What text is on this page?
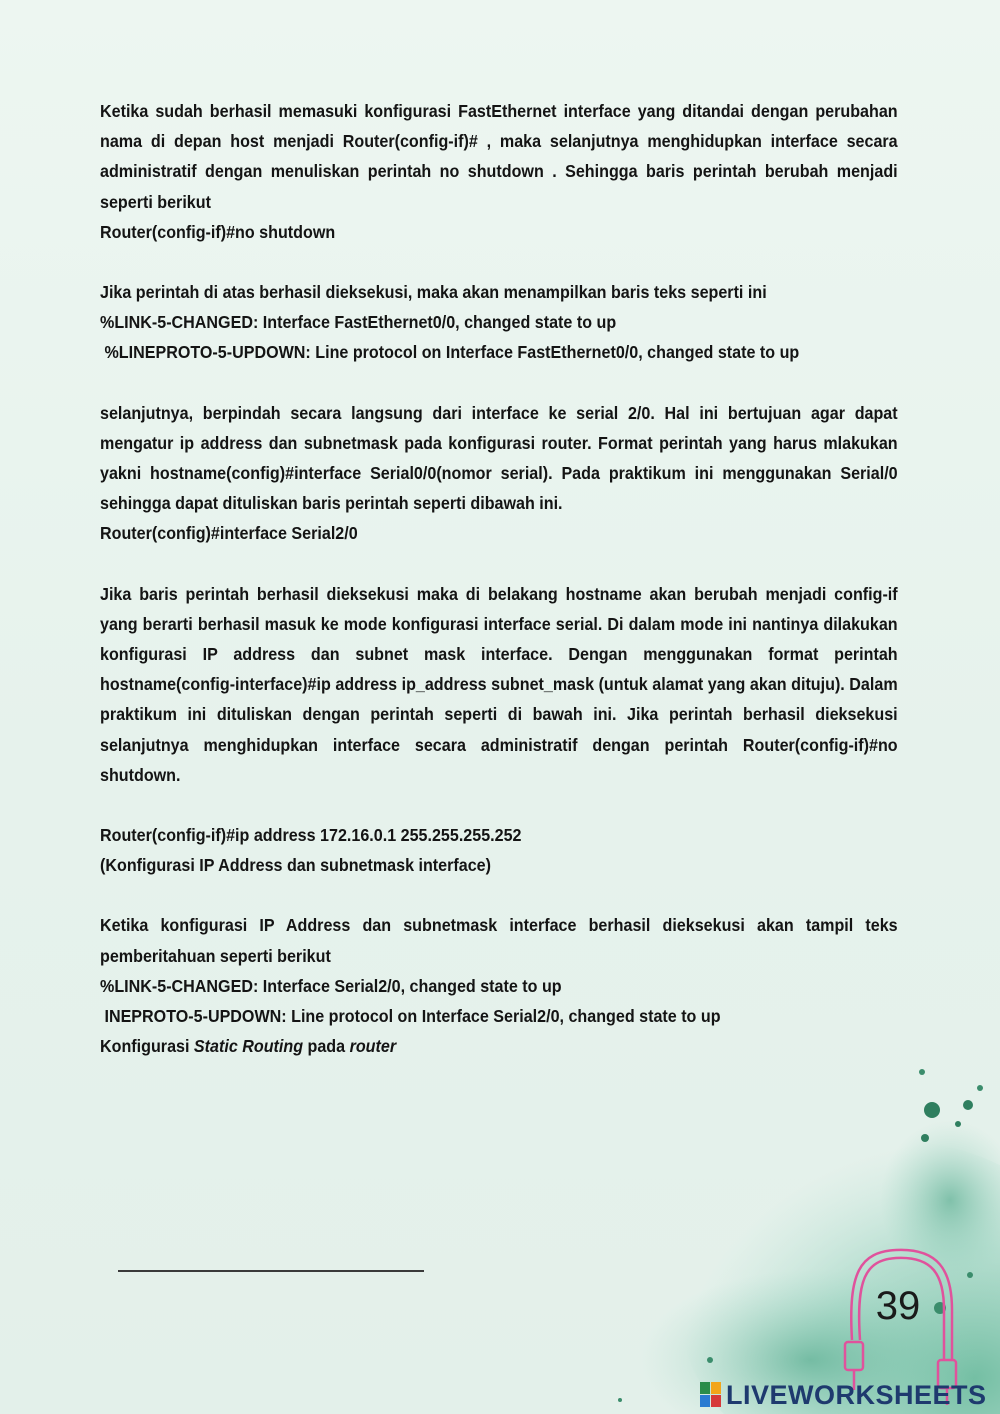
Ketika sudah berhasil memasuki konfigurasi FastEthernet interface yang ditandai dengan perubahan nama di depan host menjadi Router(config-if)# , maka selanjutnya menghidupkan interface secara administratif dengan menuliskan perintah no shutdown . Sehingga baris perintah berubah menjadi seperti berikut

Router(config-if)#no shutdown

Jika perintah di atas berhasil dieksekusi, maka akan menampilkan baris teks seperti ini

%LINK-5-CHANGED: Interface FastEthernet0/0, changed state to up

%LINEPROTO-5-UPDOWN: Line protocol on Interface FastEthernet0/0, changed state to up

selanjutnya, berpindah secara langsung dari interface ke serial 2/0. Hal ini bertujuan agar dapat mengatur ip address dan subnetmask pada konfigurasi router. Format perintah yang harus mlakukan yakni hostname(config)#interface Serial0/0(nomor serial). Pada praktikum ini menggunakan Serial/0 sehingga dapat dituliskan baris perintah seperti dibawah ini.

Router(config)#interface Serial2/0

Jika baris perintah berhasil dieksekusi maka di belakang hostname akan berubah menjadi config-if yang berarti berhasil masuk ke mode konfigurasi interface serial. Di dalam mode ini nantinya dilakukan konfigurasi IP address dan subnet mask interface. Dengan menggunakan format perintah hostname(config-interface)#ip address ip_address subnet_mask (untuk alamat yang akan dituju). Dalam praktikum ini dituliskan dengan perintah seperti di bawah ini. Jika perintah berhasil dieksekusi selanjutnya menghidupkan interface secara administratif dengan perintah Router(config-if)#no shutdown.

Router(config-if)#ip address 172.16.0.1 255.255.255.252

(Konfigurasi IP Address dan subnetmask interface)

Ketika konfigurasi IP Address dan subnetmask interface berhasil dieksekusi akan tampil teks pemberitahuan seperti berikut

%LINK-5-CHANGED: Interface Serial2/0, changed state to up

INEPROTO-5-UPDOWN: Line protocol on Interface Serial2/0, changed state to up

Konfigurasi Static Routing pada router

39
LIVEWORKSHEETS
